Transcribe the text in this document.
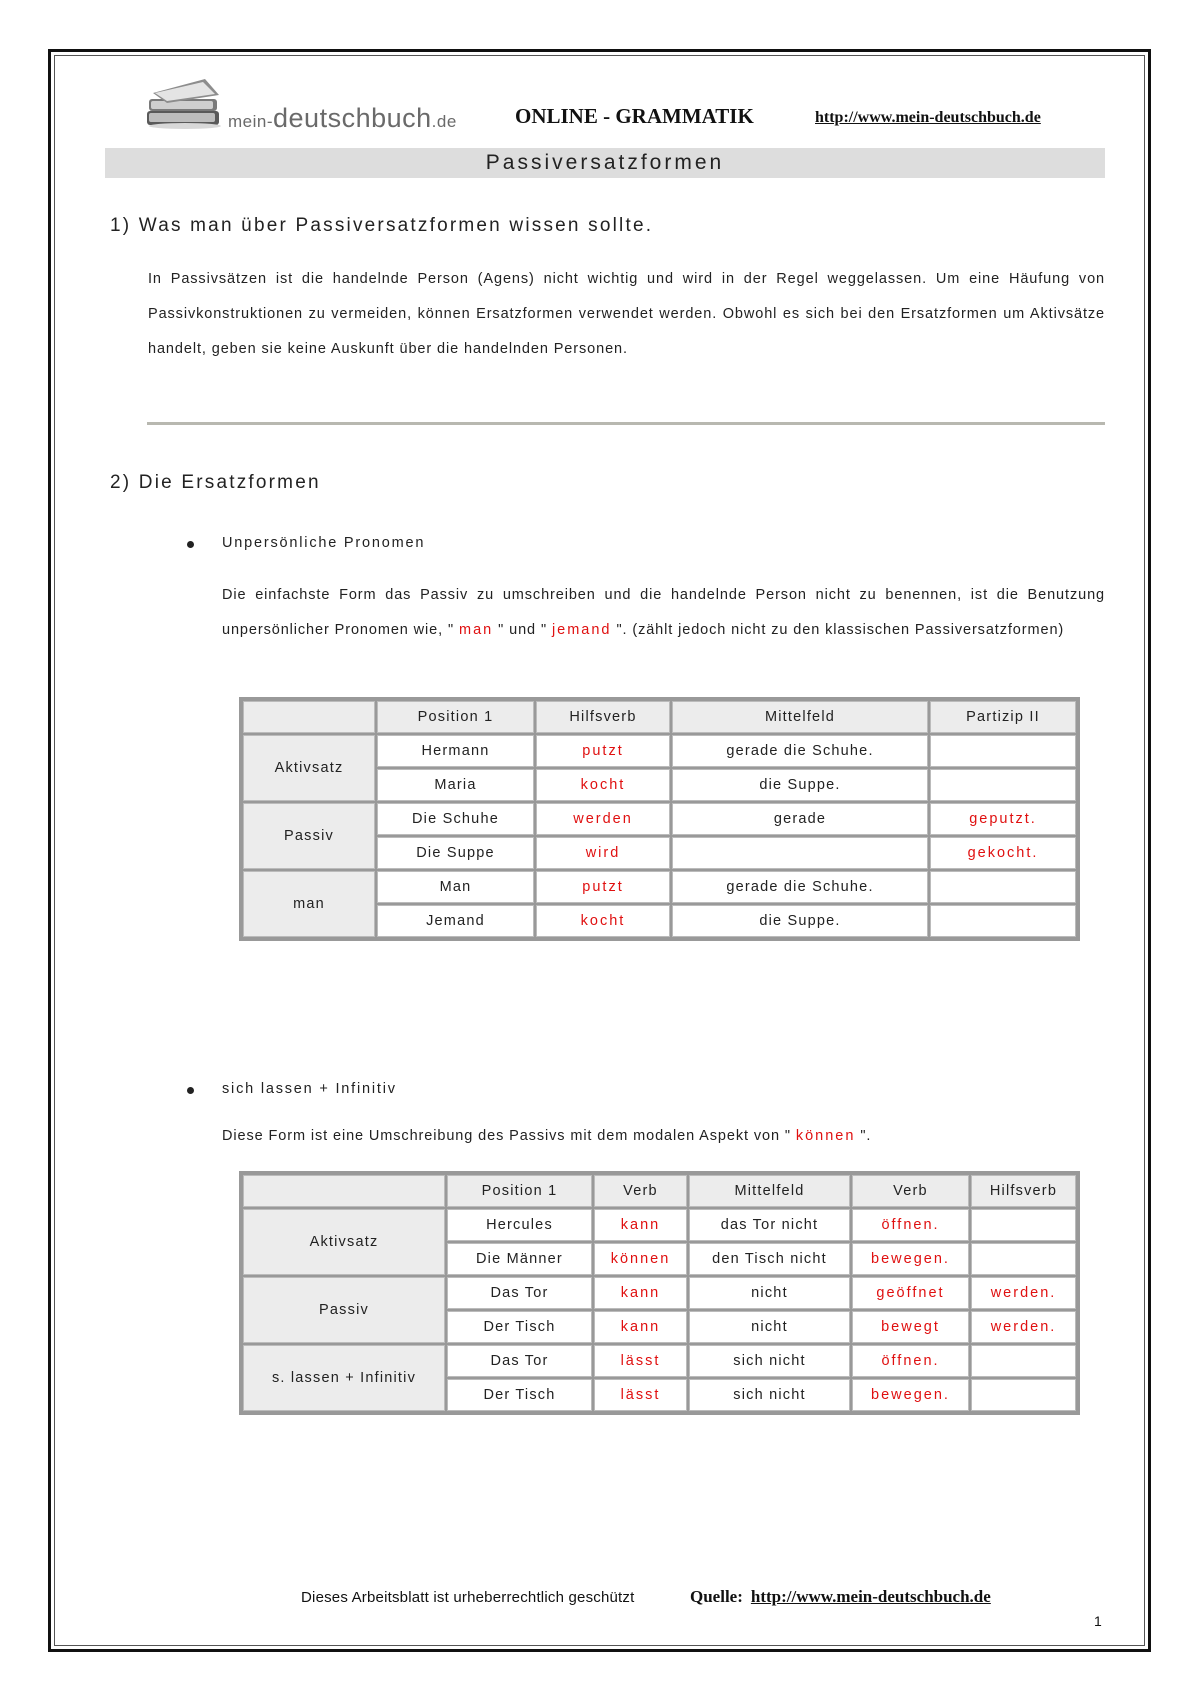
mein-deutschbuch.de	ONLINE - GRAMMATIK	http://www.mein-deutschbuch.de
Passiversatzformen
1) Was man über Passiversatzformen wissen sollte.
In Passivsätzen ist die handelnde Person (Agens) nicht wichtig und wird in der Regel weggelassen. Um eine Häufung von Passivkonstruktionen zu vermeiden, können Ersatzformen verwendet werden. Obwohl es sich bei den Ersatzformen um Aktivsätze handelt, geben sie keine Auskunft über die handelnden Personen.
2) Die Ersatzformen
Unpersönliche Pronomen
Die einfachste Form das Passiv zu umschreiben und die handelnde Person nicht zu benennen, ist die Benutzung unpersönlicher Pronomen wie, " man " und " jemand ". (zählt jedoch nicht zu den klassischen Passiversatzformen)
	Position 1	Hilfsverb	Mittelfeld	Partizip II
Aktivsatz	Hermann	putzt	gerade die Schuhe.	
	Maria	kocht	die Suppe.	
Passiv	Die Schuhe	werden	gerade	geputzt.
	Die Suppe	wird		gekocht.
man	Man	putzt	gerade die Schuhe.	
	Jemand	kocht	die Suppe.	
sich lassen + Infinitiv
Diese Form ist eine Umschreibung des Passivs mit dem modalen Aspekt von " können ".
	Position 1	Verb	Mittelfeld	Verb	Hilfsverb
Aktivsatz	Hercules	kann	das Tor nicht	öffnen.	
	Die Männer	können	den Tisch nicht	bewegen.	
Passiv	Das Tor	kann	nicht	geöffnet	werden.
	Der Tisch	kann	nicht	bewegt	werden.
s. lassen + Infinitiv	Das Tor	lässt	sich nicht	öffnen.	
	Der Tisch	lässt	sich nicht	bewegen.	
Dieses Arbeitsblatt ist urheberrechtlich geschützt	Quelle: http://www.mein-deutschbuch.de
1
